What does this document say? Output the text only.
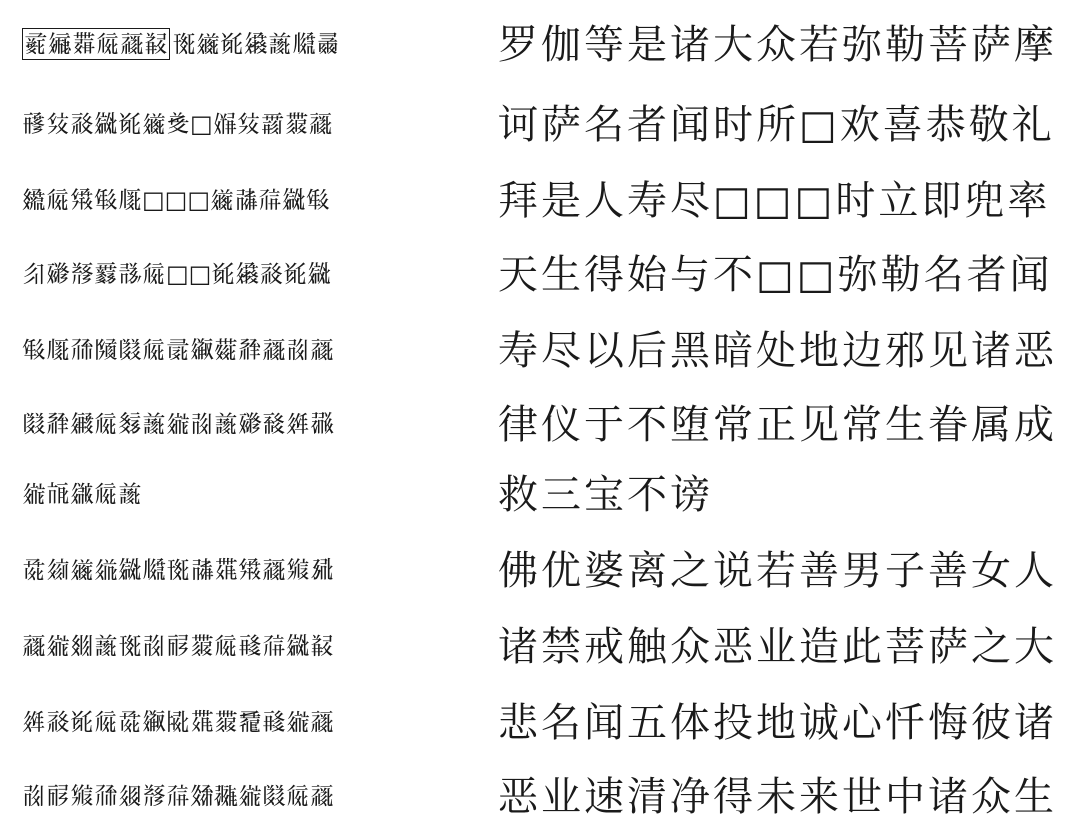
𗈜𗩾𗷋𗏁𗹙𘗠 𗍊𗫂𘍞𗪲𗔫𗆮𗰭	罗伽等是诸大众若弥勒菩萨摩
𗟭𗊏𗹐𗪙𘍞𗫂𘝨□𗏵𗊏𗵆𗷅𗹙	诃萨名者闻时所□欢喜恭敬礼
𗿷𗏁𗋽𘓐𗅲□□□𗫂𗰜𗗚𗪙𘓐	拜是人寿尽□□□时立即兜率
𗼃𗡪𘃡𗵫𘃽𗏁□□𘍞𗪲𗹐𘍞𗪙	天生得始与不□□弥勒名者闻
𘓐𗅲𗗙𗂧𗂸𗏁𗕑𗪨𗝠𗴂𗹙𗰖𗹙	寿尽以后黑暗处地边邪见诸恶
𗂸𗴂𗪺𗏁𘊐𗔫𗨁𗰖𗔫𗡪𘈷𗤶𗖻	律仪于不堕常正见常生眷属成
𗨁𗭍𗫡𗏁𗔫	救三宝不谤
𗱕𗦻𗫂𗥤𗪙𗆮𗍊𗰜𗶷𗋽𗹙𗋚𗉣	佛优婆离之说若善男子善女人
𗹙𗨁𗾞𗔫𗍊𗰖𗟲𗷅𗏁𗸅𗗚𗪙𘗠	诸禁戒触众恶业造此菩萨之大
𗤶𗹐𘍞𗏁𗱕𗪨𗎫𗶷𗷅𗲩𗸅𗨁𗹙	悲名闻五体投地诚心忏悔彼诸
𗰖𗟲𗋚𗗙𗤓𘃡𗗚𗽀𗖵𗨁𗂸𗏁𗹙	恶业速清净得未来世中诸众生
